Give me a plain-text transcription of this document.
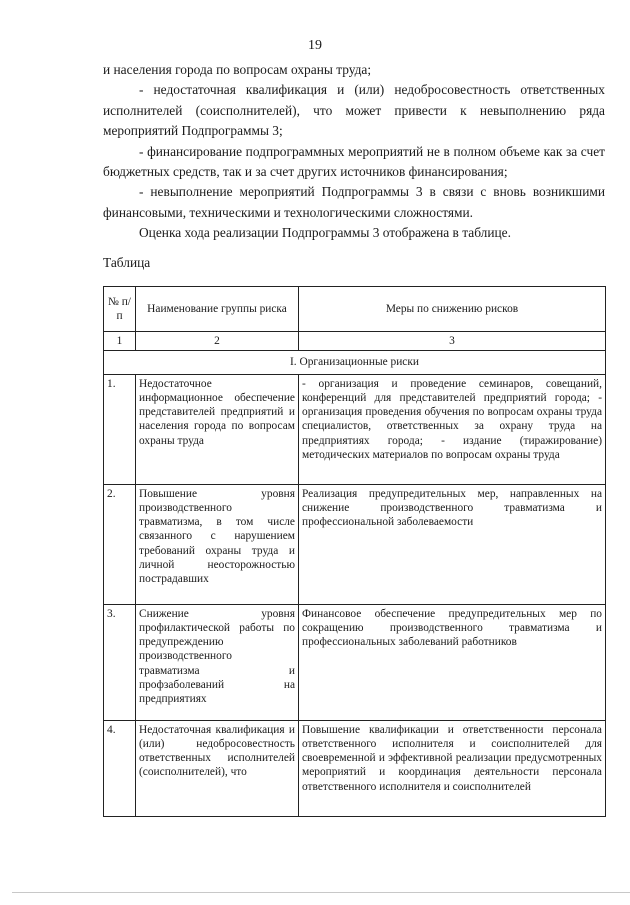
19

и населения города по вопросам охраны труда;

- недостаточная квалификация и (или) недобросовестность ответственных исполнителей (соисполнителей), что может привести к невыполнению ряда мероприятий Подпрограммы 3;

- финансирование подпрограммных мероприятий не в полном объеме как за счет бюджетных средств, так и за счет других источников финансирования;

- невыполнение мероприятий Подпрограммы 3 в связи с вновь возникшими финансовыми, техническими и технологическими сложностями.

Оценка хода реализации Подпрограммы 3 отображена в таблице.

Таблица
№ п/п	Наименование группы риска	Меры по снижению рисков
1	2	3
I. Организационные риски		
1.	Недостаточное информационное обеспечение представителей предприятий и населения города по вопросам охраны труда	- организация и проведение семинаров, совещаний, конференций для представителей предприятий города; - организация проведения обучения по вопросам охраны труда специалистов, ответственных за охрану труда на предприятиях города; - издание (тиражирование) методических материалов по вопросам охраны труда
2.	Повышение уровня производственного травматизма, в том числе связанного с нарушением требований охраны труда и личной неосторожностью пострадавших	Реализация предупредительных мер, направленных на снижение производственного травматизма и профессиональной заболеваемости
3.	Снижение уровня профилактической работы по предупреждению производственного травматизма и профзаболеваний на предприятиях	Финансовое обеспечение предупредительных мер по сокращению производственного травматизма и профессиональных заболеваний работников
4.	Недостаточная квалификация и (или) недобросовестность ответственных исполнителей (соисполнителей), что	Повышение квалификации и ответственности персонала ответственного исполнителя и соисполнителей для своевременной и эффективной реализации предусмотренных мероприятий и координация деятельности персонала ответственного исполнителя и соисполнителей
